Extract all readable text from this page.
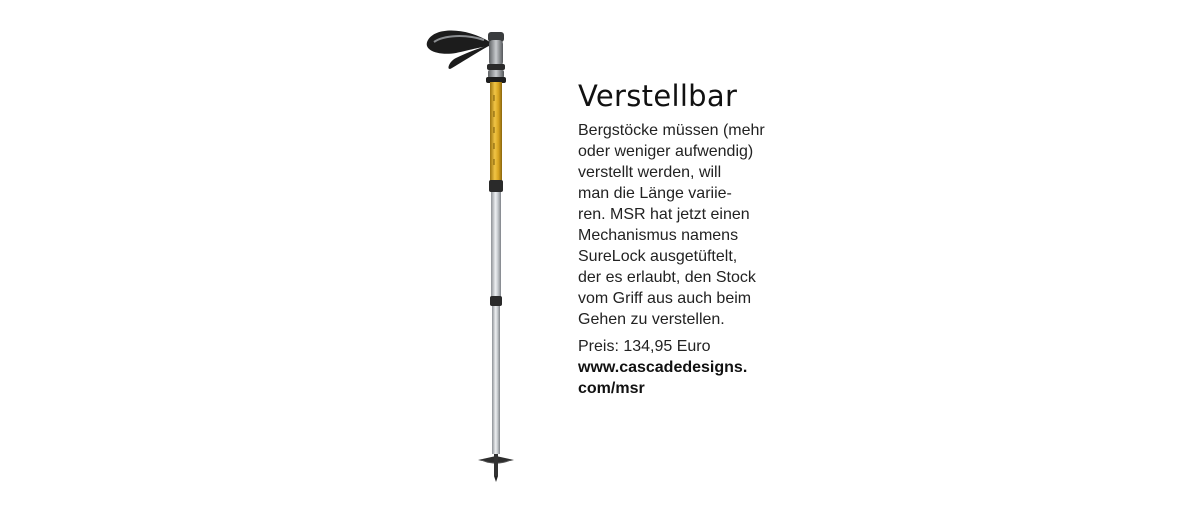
Verstellbar

Bergstöcke müssen (mehr
oder weniger aufwendig)
verstellt werden, will
man die Länge variie-
ren. MSR hat jetzt einen
Mechanismus namens
SureLock ausgetüftelt,
der es erlaubt, den Stock
vom Griff aus auch beim
Gehen zu verstellen.

Preis: 134,95 Euro

www.cascadedesigns.
com/msr
